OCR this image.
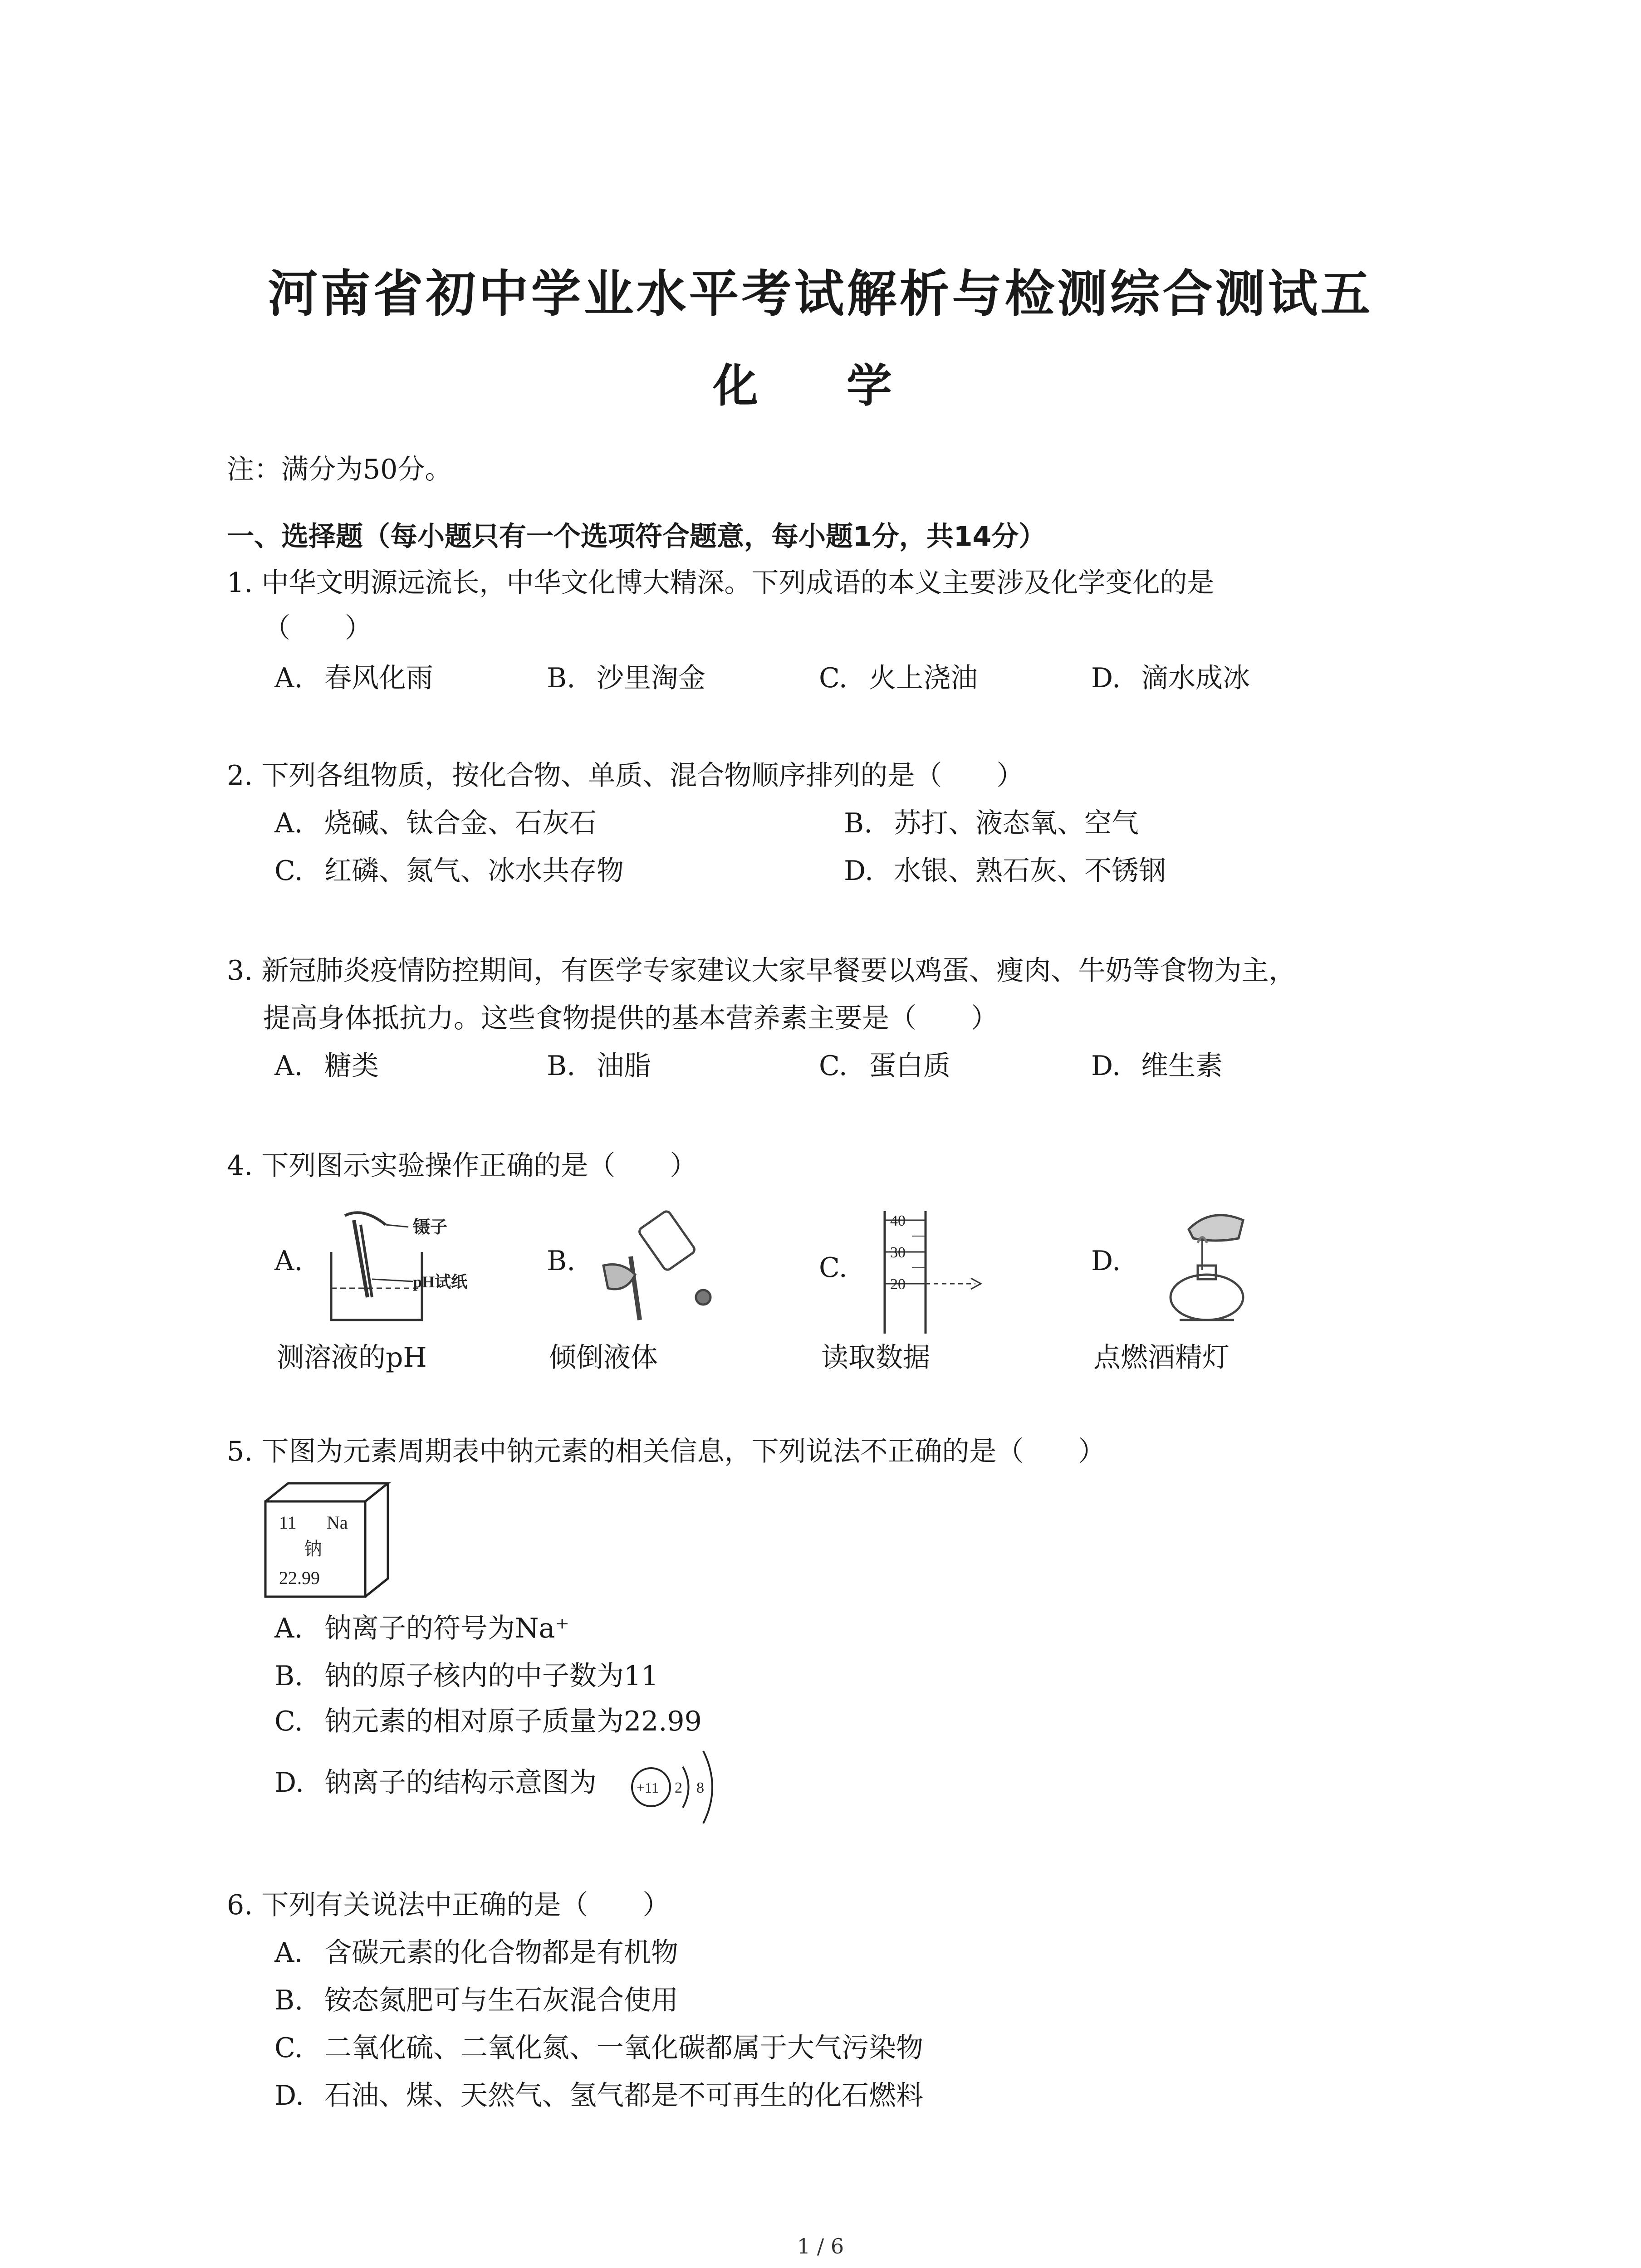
河南省初中学业水平考试解析与检测综合测试五
化 学
注：满分为50分。
一、选择题（每小题只有一个选项符合题意，每小题1分，共14分）
1. 中华文明源远流长，中华文化博大精深。下列成语的本义主要涉及化学变化的是
（　　）
A. 春风化雨	B. 沙里淘金	C. 火上浇油	D. 滴水成冰
2. 下列各组物质，按化合物、单质、混合物顺序排列的是（　　）
A. 烧碱、钛合金、石灰石	B. 苏打、液态氧、空气
C. 红磷、氮气、冰水共存物	D. 水银、熟石灰、不锈钢
3. 新冠肺炎疫情防控期间，有医学专家建议大家早餐要以鸡蛋、瘦肉、牛奶等食物为主，
提高身体抵抗力。这些食物提供的基本营养素主要是（　　）
A. 糖类	B. 油脂	C. 蛋白质	D. 维生素
4. 下列图示实验操作正确的是（　　）
A.
镊子
pH试纸
测溶液的pH
B.
倾倒液体
C.
40
30
20
读取数据
D.
点燃酒精灯
5. 下图为元素周期表中钠元素的相关信息，下列说法不正确的是（　　）
11 Na
钠
22.99
A. 钠离子的符号为Na⁺
B. 钠的原子核内的中子数为11
C. 钠元素的相对原子质量为22.99
D. 钠离子的结构示意图为	+11 2 8
6. 下列有关说法中正确的是（　　）
A. 含碳元素的化合物都是有机物
B. 铵态氮肥可与生石灰混合使用
C. 二氧化硫、二氧化氮、一氧化碳都属于大气污染物
D. 石油、煤、天然气、氢气都是不可再生的化石燃料
1 / 6
